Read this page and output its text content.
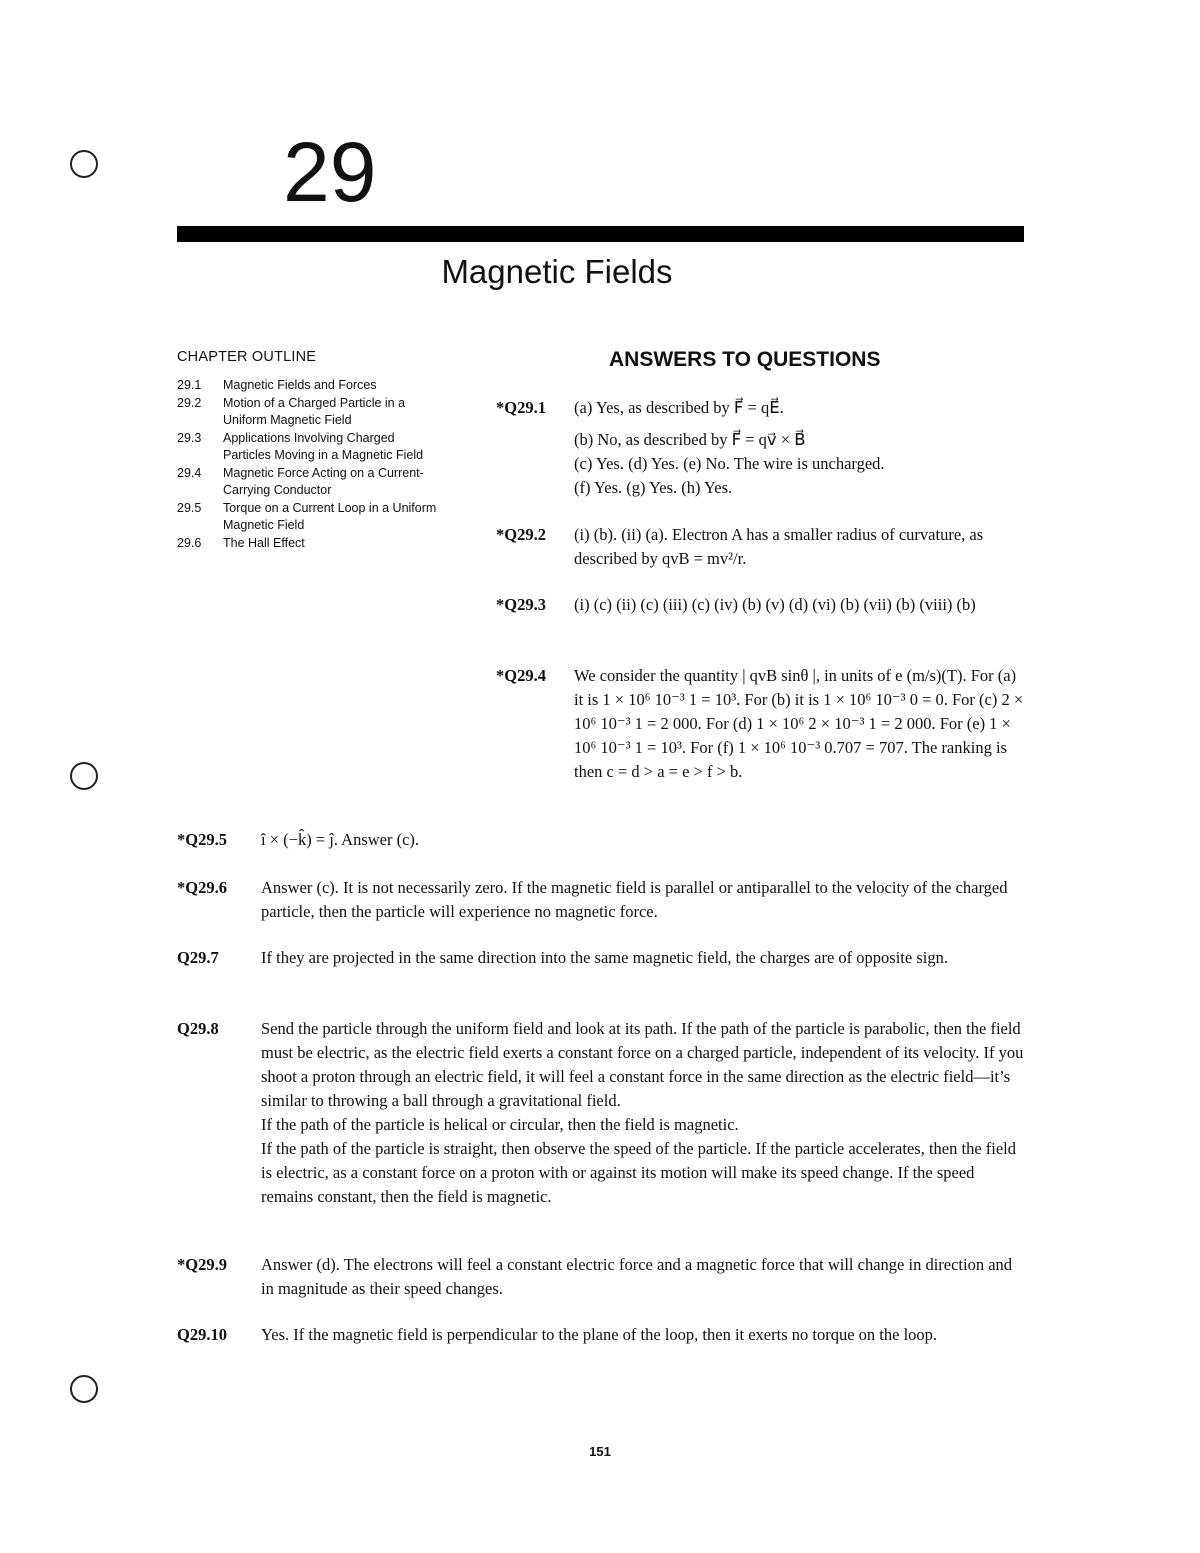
29
Magnetic Fields
CHAPTER OUTLINE
29.1	Magnetic Fields and Forces
29.2	Motion of a Charged Particle in a Uniform Magnetic Field
29.3	Applications Involving Charged Particles Moving in a Magnetic Field
29.4	Magnetic Force Acting on a Current-Carrying Conductor
29.5	Torque on a Current Loop in a Uniform Magnetic Field
29.6	The Hall Effect
ANSWERS TO QUESTIONS
*Q29.1 (a) Yes, as described by F⃗ = qE⃗.

(b) No, as described by F⃗ = qv⃗ × B⃗

(c) Yes. (d) Yes. (e) No. The wire is uncharged.

(f) Yes. (g) Yes. (h) Yes.

*Q29.2 (i) (b). (ii) (a). Electron A has a smaller radius of curvature, as described by qvB = mv²/r.
*Q29.3 (i) (c) (ii) (c) (iii) (c) (iv) (b) (v) (d) (vi) (b) (vii) (b) (viii) (b)
*Q29.4 We consider the quantity | qvB sinθ |, in units of e (m/s)(T). For (a) it is 1 × 10⁶ 10⁻³ 1 = 10³. For (b) it is 1 × 10⁶ 10⁻³ 0 = 0. For (c) 2 × 10⁶ 10⁻³ 1 = 2 000. For (d) 1 × 10⁶ 2 × 10⁻³ 1 = 2 000. For (e) 1 × 10⁶ 10⁻³ 1 = 10³. For (f) 1 × 10⁶ 10⁻³ 0.707 = 707. The ranking is then c = d > a = e > f > b.
*Q29.5 î × (−k̂) = ĵ. Answer (c).
*Q29.6 Answer (c). It is not necessarily zero. If the magnetic field is parallel or antiparallel to the velocity of the charged particle, then the particle will experience no magnetic force.
Q29.7	If they are projected in the same direction into the same magnetic field, the charges are of opposite sign.
Q29.8	Send the particle through the uniform field and look at its path. If the path of the particle is parabolic, then the field must be electric, as the electric field exerts a constant force on a charged particle, independent of its velocity. If you shoot a proton through an electric field, it will feel a constant force in the same direction as the electric field—it’s similar to throwing a ball through a gravitational field.

If the path of the particle is helical or circular, then the field is magnetic.

If the path of the particle is straight, then observe the speed of the particle. If the particle accelerates, then the field is electric, as a constant force on a proton with or against its motion will make its speed change. If the speed remains constant, then the field is magnetic.

*Q29.9 Answer (d). The electrons will feel a constant electric force and a magnetic force that will change in direction and in magnitude as their speed changes.
Q29.10 Yes. If the magnetic field is perpendicular to the plane of the loop, then it exerts no torque on the loop.
151
